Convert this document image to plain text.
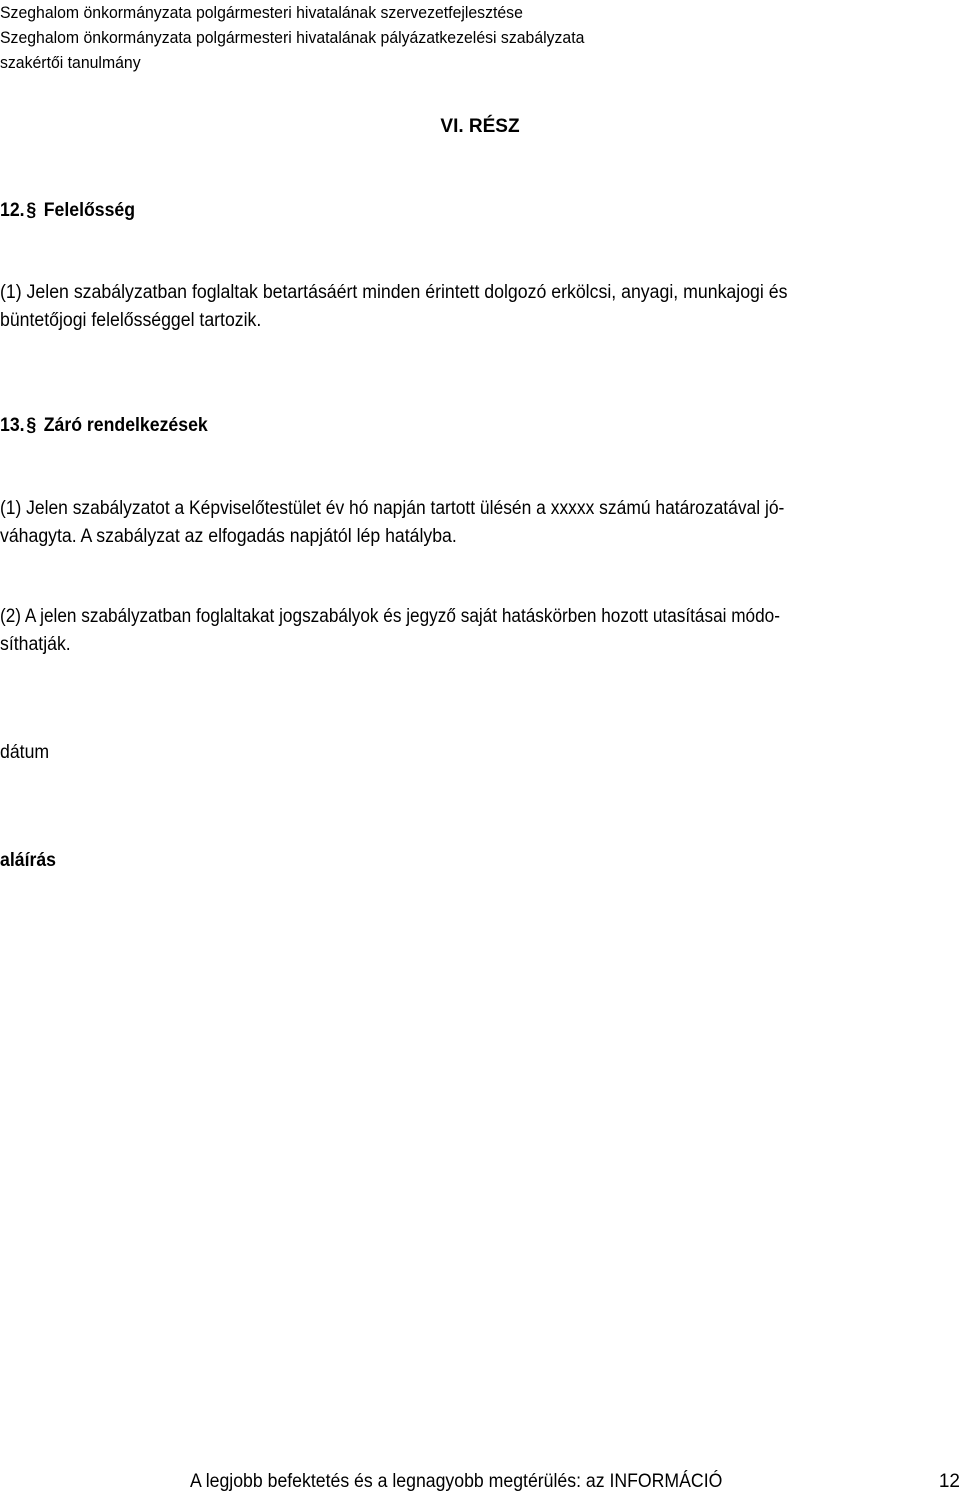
Szeghalom önkormányzata polgármesteri hivatalának szervezetfejlesztése
Szeghalom önkormányzata polgármesteri hivatalának pályázatkezelési szabályzata
szakértői tanulmány
VI. RÉSZ
12.§ Felelősség
(1) Jelen szabályzatban foglaltak betartásáért minden érintett dolgozó erkölcsi, anyagi, munkajogi és
büntetőjogi felelősséggel tartozik.
13.§ Záró rendelkezések
(1) Jelen szabályzatot a Képviselőtestület év hó napján tartott ülésén a xxxxx számú határozatával jó-
váhagyta. A szabályzat az elfogadás napjától lép hatályba.
(2) A jelen szabályzatban foglaltakat jogszabályok és jegyző saját hatáskörben hozott utasításai módo-
síthatják.
dátum
aláírás
A legjobb befektetés és a legnagyobb megtérülés: az INFORMÁCIÓ	12
